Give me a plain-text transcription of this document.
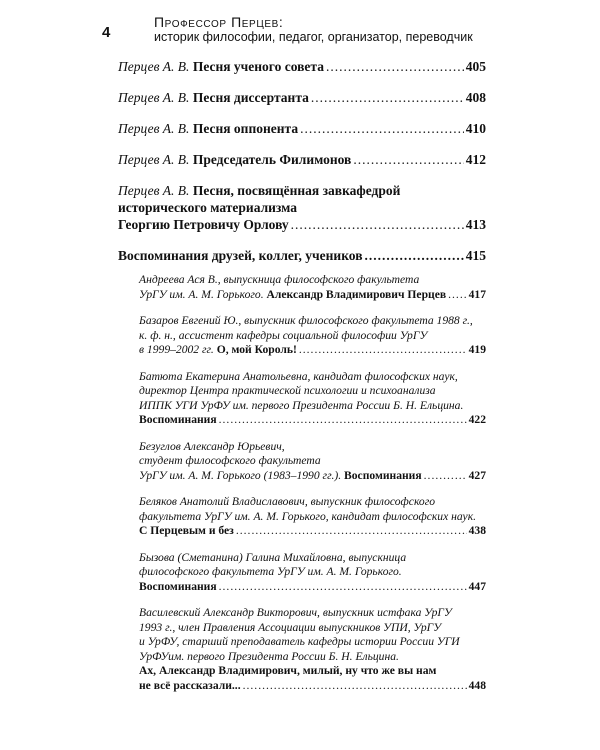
4
Профессор Перцев:
историк философии, педагог, организатор, переводчик
Перцев А. В. Песня ученого совета .....	405
Перцев А. В. Песня диссертанта .....	408
Перцев А. В. Песня оппонента .....	410
Перцев А. В. Председатель Филимонов .....	412
Перцев А. В. Песня, посвящённая завкафедрой
исторического материализма
Георгию Петровичу Орлову .....	413
Воспоминания друзей, коллег, учеников .....	415
Андреева Ася В., выпускница философского факультета
УрГУ им. А. М. Горького. Александр Владимирович Перцев ..... 417
Базаров Евгений Ю., выпускник философского факультета 1988 г.,
к. ф. н., ассистент кафедры социальной философии УрГУ
в 1999–2002 гг. О, мой Король! .....	419
Батюта Екатерина Анатольевна, кандидат философских наук,
директор Центра практической психологии и психоанализа
ИППК УГИ УрФУ им. первого Президента России Б. Н. Ельцина.
Воспоминания .....	422
Безуглов Александр Юрьевич,
студент философского факультета
УрГУ им. А. М. Горького (1983–1990 гг.). Воспоминания .....	427
Беляков Анатолий Владиславович, выпускник философского
факультета УрГУ им. А. М. Горького, кандидат философских наук.
С Перцевым и без .....	438
Бызова (Сметанина) Галина Михайловна, выпускница
философского факультета УрГУ им. А. М. Горького.
Воспоминания .....	447
Василевский Александр Викторович, выпускник истфака УрГУ
1993 г., член Правления Ассоциации выпускников УПИ, УрГУ
и УрФУ, старший преподаватель кафедры истории России УГИ
УрФУим. первого Президента России Б. Н. Ельцина.
Ах, Александр Владимирович, милый, ну что же вы нам
не всё рассказали... .....	448
